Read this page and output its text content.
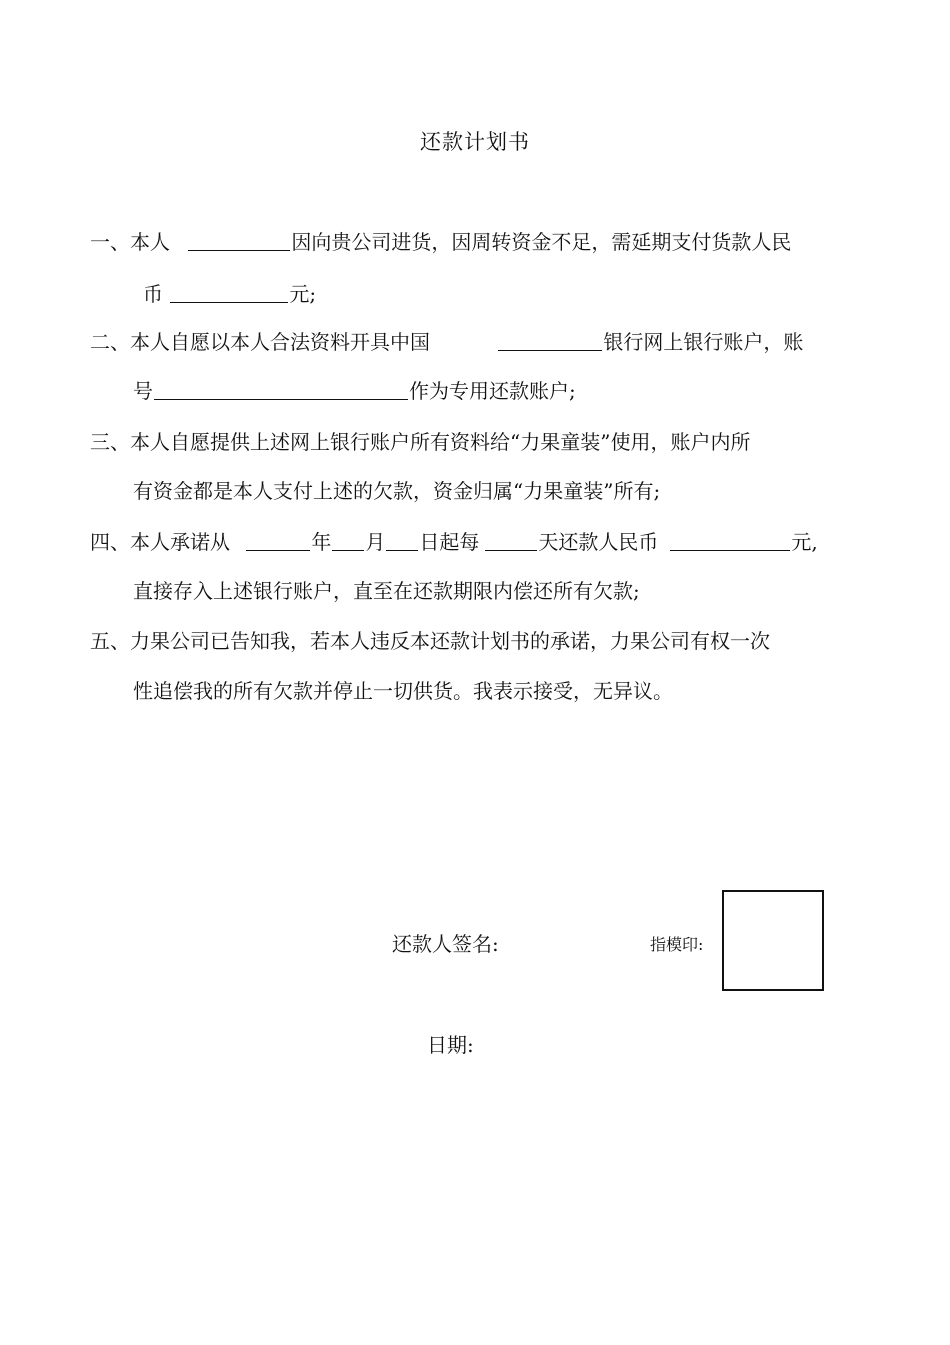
还款计划书
一、本人	因向贵公司进货，因周转资金不足，需延期支付货款人民
币	元;
二、本人自愿以本人合法资料开具中国	银行网上银行账户，账
号	作为专用还款账户;
三、本人自愿提供上述网上银行账户所有资料给“力果童装”使用，账户内所
有资金都是本人支付上述的欠款，资金归属“力果童装”所有;
四、本人承诺从	年 月 日起每	天还款人民币	元,
直接存入上述银行账户，直至在还款期限内偿还所有欠款;
五、力果公司已告知我，若本人违反本还款计划书的承诺，力果公司有权一次
性追偿我的所有欠款并停止一切供货。我表示接受，无异议。
还款人签名:	指模印:
日期:
